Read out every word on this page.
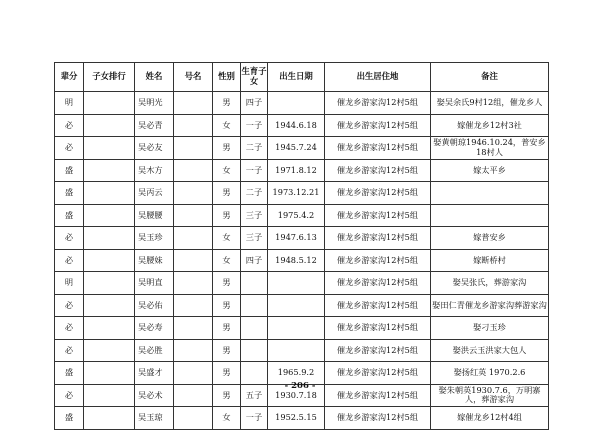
辈分	子女排行	姓名	号名	性别	生育子女	出生日期	出生居住地	备注
明		吴明光		男	四子		催龙乡游家沟12村5组	娶吴余氏9村12组，催龙乡人
必		吴必青		女	一子	1944.6.18	催龙乡游家沟12村5组	嫁催龙乡12村3社
必		吴必友		男	二子	1945.7.24	催龙乡游家沟12村5组	娶黄朝琼1946.10.24，普安乡18村人
盛		吴木方		女	一子	1971.8.12	催龙乡游家沟12村5组	嫁太平乡
盛		吴丙云		男	二子	1973.12.21	催龙乡游家沟12村5组	
盛		吴腰腰		男	三子	1975.4.2	催龙乡游家沟12村5组	
必		吴玉珍		女	三子	1947.6.13	催龙乡游家沟12村5组	嫁普安乡
必		吴腰妹		女	四子	1948.5.12	催龙乡游家沟12村5组	嫁断桥村
明		吴明直		男			催龙乡游家沟12村5组	娶吴张氏，葬游家沟
必		吴必佑		男			催龙乡游家沟12村5组	娶田仁青催龙乡游家沟葬游家沟
必		吴必寿		男			催龙乡游家沟12村5组	娶刁玉珍
必		吴必胜		男			催龙乡游家沟12村5组	娶洪云玉洪家大包人
盛		吴盛才		男		1965.9.2	催龙乡游家沟12村5组	娶扬红英 1970.2.6
必		吴必术		男	五子	1930.7.18	催龙乡游家沟12村5组	娶朱朝英1930.7.6，万明寨人，葬游家沟
盛		吴玉琼		女	一子	1952.5.15	催龙乡游家沟12村5组	嫁催龙乡12村4组
- 206 -
